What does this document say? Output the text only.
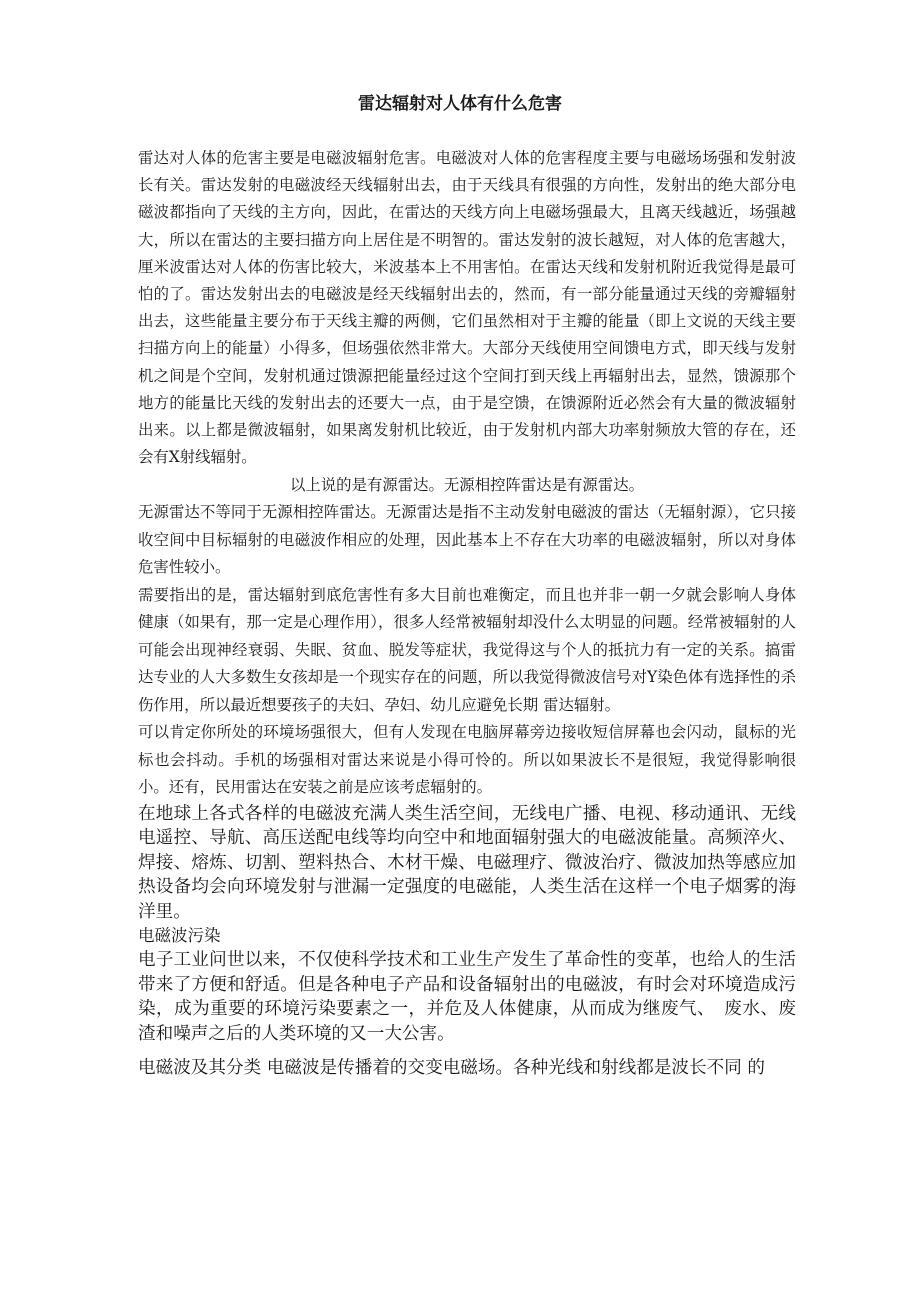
雷达辐射对人体有什么危害

雷达对人体的危害主要是电磁波辐射危害。电磁波对人体的危害程度主要与电磁场场强和发射波长有关。雷达发射的电磁波经天线辐射出去，由于天线具有很强的方向性，发射出的绝大部分电磁波都指向了天线的主方向，因此，在雷达的天线方向上电磁场强最大，且离天线越近，场强越大，所以在雷达的主要扫描方向上居住是不明智的。雷达发射的波长越短，对人体的危害越大，厘米波雷达对人体的伤害比较大，米波基本上不用害怕。在雷达天线和发射机附近我觉得是最可怕的了。雷达发射出去的电磁波是经天线辐射出去的，然而，有一部分能量通过天线的旁瓣辐射出去，这些能量主要分布于天线主瓣的两侧，它们虽然相对于主瓣的能量（即上文说的天线主要扫描方向上的能量）小得多，但场强依然非常大。大部分天线使用空间馈电方式，即天线与发射机之间是个空间，发射机通过馈源把能量经过这个空间打到天线上再辐射出去，显然，馈源那个地方的能量比天线的发射出去的还要大一点，由于是空馈，在馈源附近必然会有大量的微波辐射出来。以上都是微波辐射，如果离发射机比较近，由于发射机内部大功率射频放大管的存在，还会有X射线辐射。

以上说的是有源雷达。无源相控阵雷达是有源雷达。

无源雷达不等同于无源相控阵雷达。无源雷达是指不主动发射电磁波的雷达（无辐射源），它只接收空间中目标辐射的电磁波作相应的处理，因此基本上不存在大功率的电磁波辐射，所以对身体危害性较小。

需要指出的是，雷达辐射到底危害性有多大目前也难衡定，而且也并非一朝一夕就会影响人身体健康（如果有，那一定是心理作用），很多人经常被辐射却没什么太明显的问题。经常被辐射的人可能会出现神经衰弱、失眠、贫血、脱发等症状，我觉得这与个人的抵抗力有一定的关系。搞雷达专业的人大多数生女孩却是一个现实存在的问题，所以我觉得微波信号对Y染色体有选择性的杀伤作用，所以最近想要孩子的夫妇、孕妇、幼儿应避免长期 雷达辐射。

可以肯定你所处的环境场强很大，但有人发现在电脑屏幕旁边接收短信屏幕也会闪动，鼠标的光标也会抖动。手机的场强相对雷达来说是小得可怜的。所以如果波长不是很短，我觉得影响很小。还有，民用雷达在安装之前是应该考虑辐射的。

在地球上各式各样的电磁波充满人类生活空间，无线电广播、电视、移动通讯、无线电遥控、导航、高压送配电线等均向空中和地面辐射强大的电磁波能量。高频淬火、焊接、熔炼、切割、塑料热合、木材干燥、电磁理疗、微波治疗、微波加热等感应加热设备均会向环境发射与泄漏一定强度的电磁能，人类生活在这样一个电子烟雾的海洋里。

电磁波污染

电子工业问世以来，不仅使科学技术和工业生产发生了革命性的变革，也给人的生活带来了方便和舒适。但是各种电子产品和设备辐射出的电磁波，有时会对环境造成污染，成为重要的环境污染要素之一，并危及人体健康，从而成为继废气、　废水、废渣和噪声之后的人类环境的又一大公害。

电磁波及其分类 电磁波是传播着的交变电磁场。各种光线和射线都是波长不同 的
